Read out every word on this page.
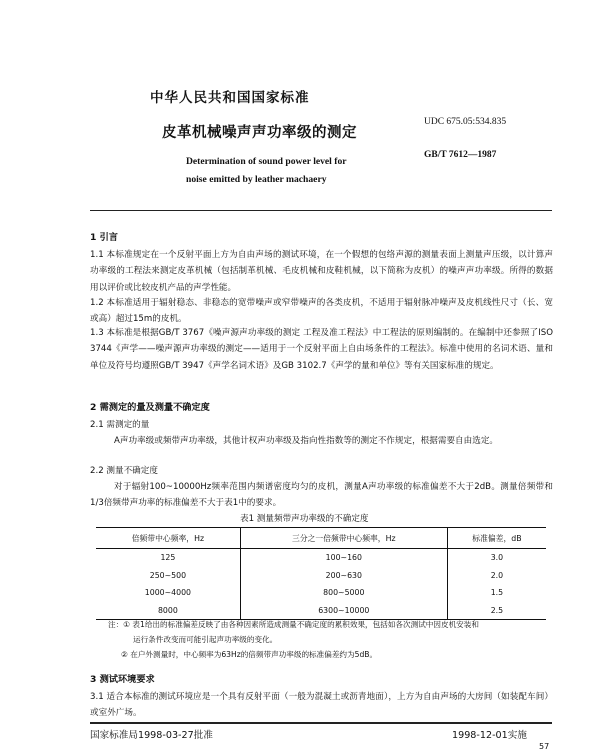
中华人民共和国国家标准
皮革机械噪声声功率级的测定
UDC 675.05:534.835
GB/T 7612—1987
Determination of sound power level for
noise emitted by leather machaery
1 引言
1.1 本标准规定在一个反射平面上方为自由声场的测试环境，在一个假想的包络声源的测量表面上测量声压级，以计算声功率级的工程法来测定皮革机械（包括制革机械、毛皮机械和皮鞋机械，以下简称为皮机）的噪声声功率级。所得的数据用以评价或比较皮机产品的声学性能。
1.2 本标准适用于辐射稳态、非稳态的宽带噪声或窄带噪声的各类皮机，不适用于辐射脉冲噪声及皮机线性尺寸（长、宽或高）超过15m的皮机。
1.3 本标准是根据GB/T 3767《噪声源声功率级的测定 工程及准工程法》中工程法的原则编制的。在编制中还参照了ISO 3744《声学——噪声源声功率级的测定——适用于一个反射平面上自由场条件的工程法》。标准中使用的名词术语、量和单位及符号均遵照GB/T 3947《声学名词术语》及GB 3102.7《声学的量和单位》等有关国家标准的规定。
2 需测定的量及测量不确定度
2.1 需测定的量
A声功率级或频带声功率级，其他计权声功率级及指向性指数等的测定不作规定，根据需要自由选定。
2.2 测量不确定度
对于辐射100~10000Hz频率范围内频谱密度均匀的皮机，测量A声功率级的标准偏差不大于2dB。测量倍频带和1/3倍频带声功率的标准偏差不大于表1中的要求。
表1 测量频带声功率级的不确定度
倍频带中心频率，Hz	三分之一倍频带中心频率，Hz	标准偏差，dB
125	100~160	3.0
250~500	200~630	2.0
1000~4000	800~5000	1.5
8000	6300~10000	2.5
注：① 表1给出的标准偏差反映了由各种因素所造成测量不确定度的累积效果，包括如各次测试中因皮机安装和
运行条件改变而可能引起声功率级的变化。
② 在户外测量时，中心频率为63Hz的倍频带声功率级的标准偏差约为5dB。
3 测试环境要求
3.1 适合本标准的测试环境应是一个具有反射平面（一般为混凝土或沥青地面），上方为自由声场的大房间（如装配车间）或室外广场。
国家标准局1998-03-27批准	1998-12-01实施
57
